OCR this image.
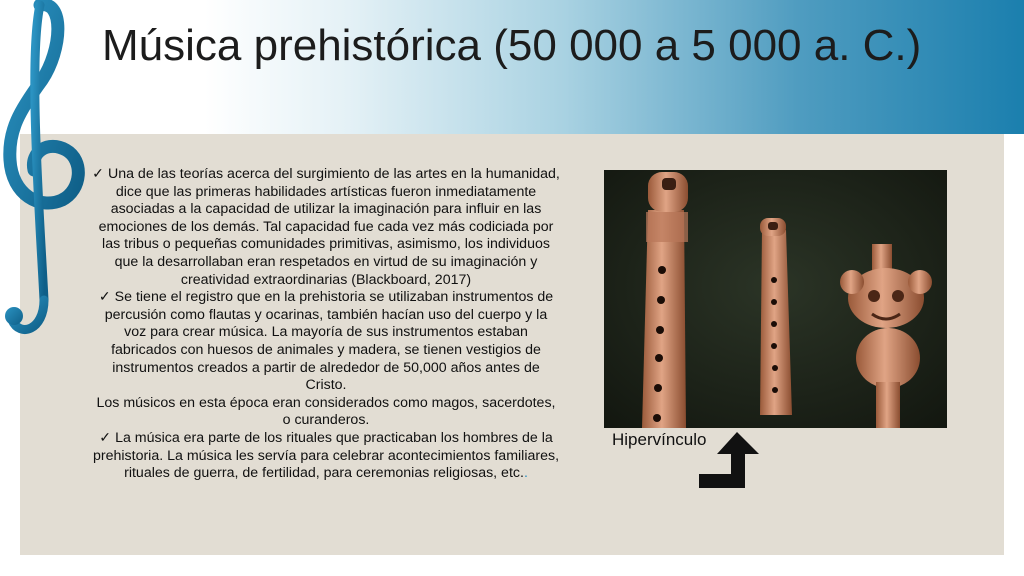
Música prehistórica (50 000 a 5 000 a. C.)

✓ Una de las teorías acerca del surgimiento de las artes en la humanidad, dice que las primeras habilidades artísticas fueron inmediatamente asociadas a la capacidad de utilizar la imaginación para influir en las emociones de los demás. Tal capacidad fue cada vez más codiciada por las tribus o pequeñas comunidades primitivas, asimismo, los individuos que la desarrollaban eran respetados en virtud de su imaginación y creatividad extraordinarias (Blackboard, 2017)

✓ Se tiene el registro que en la prehistoria se utilizaban instrumentos de percusión como flautas y ocarinas, también hacían uso del cuerpo y la voz para crear música. La mayoría de sus instrumentos estaban fabricados con huesos de animales y madera, se tienen vestigios de instrumentos creados a partir de alrededor de 50,000 años antes de Cristo.

Los músicos en esta época eran considerados como magos, sacerdotes, o curanderos.

✓ La música era parte de los rituales que practicaban los hombres de la prehistoria. La música les servía para celebrar acontecimientos familiares, rituales de guerra, de fertilidad, para ceremonias religiosas, etc..

Hipervínculo
